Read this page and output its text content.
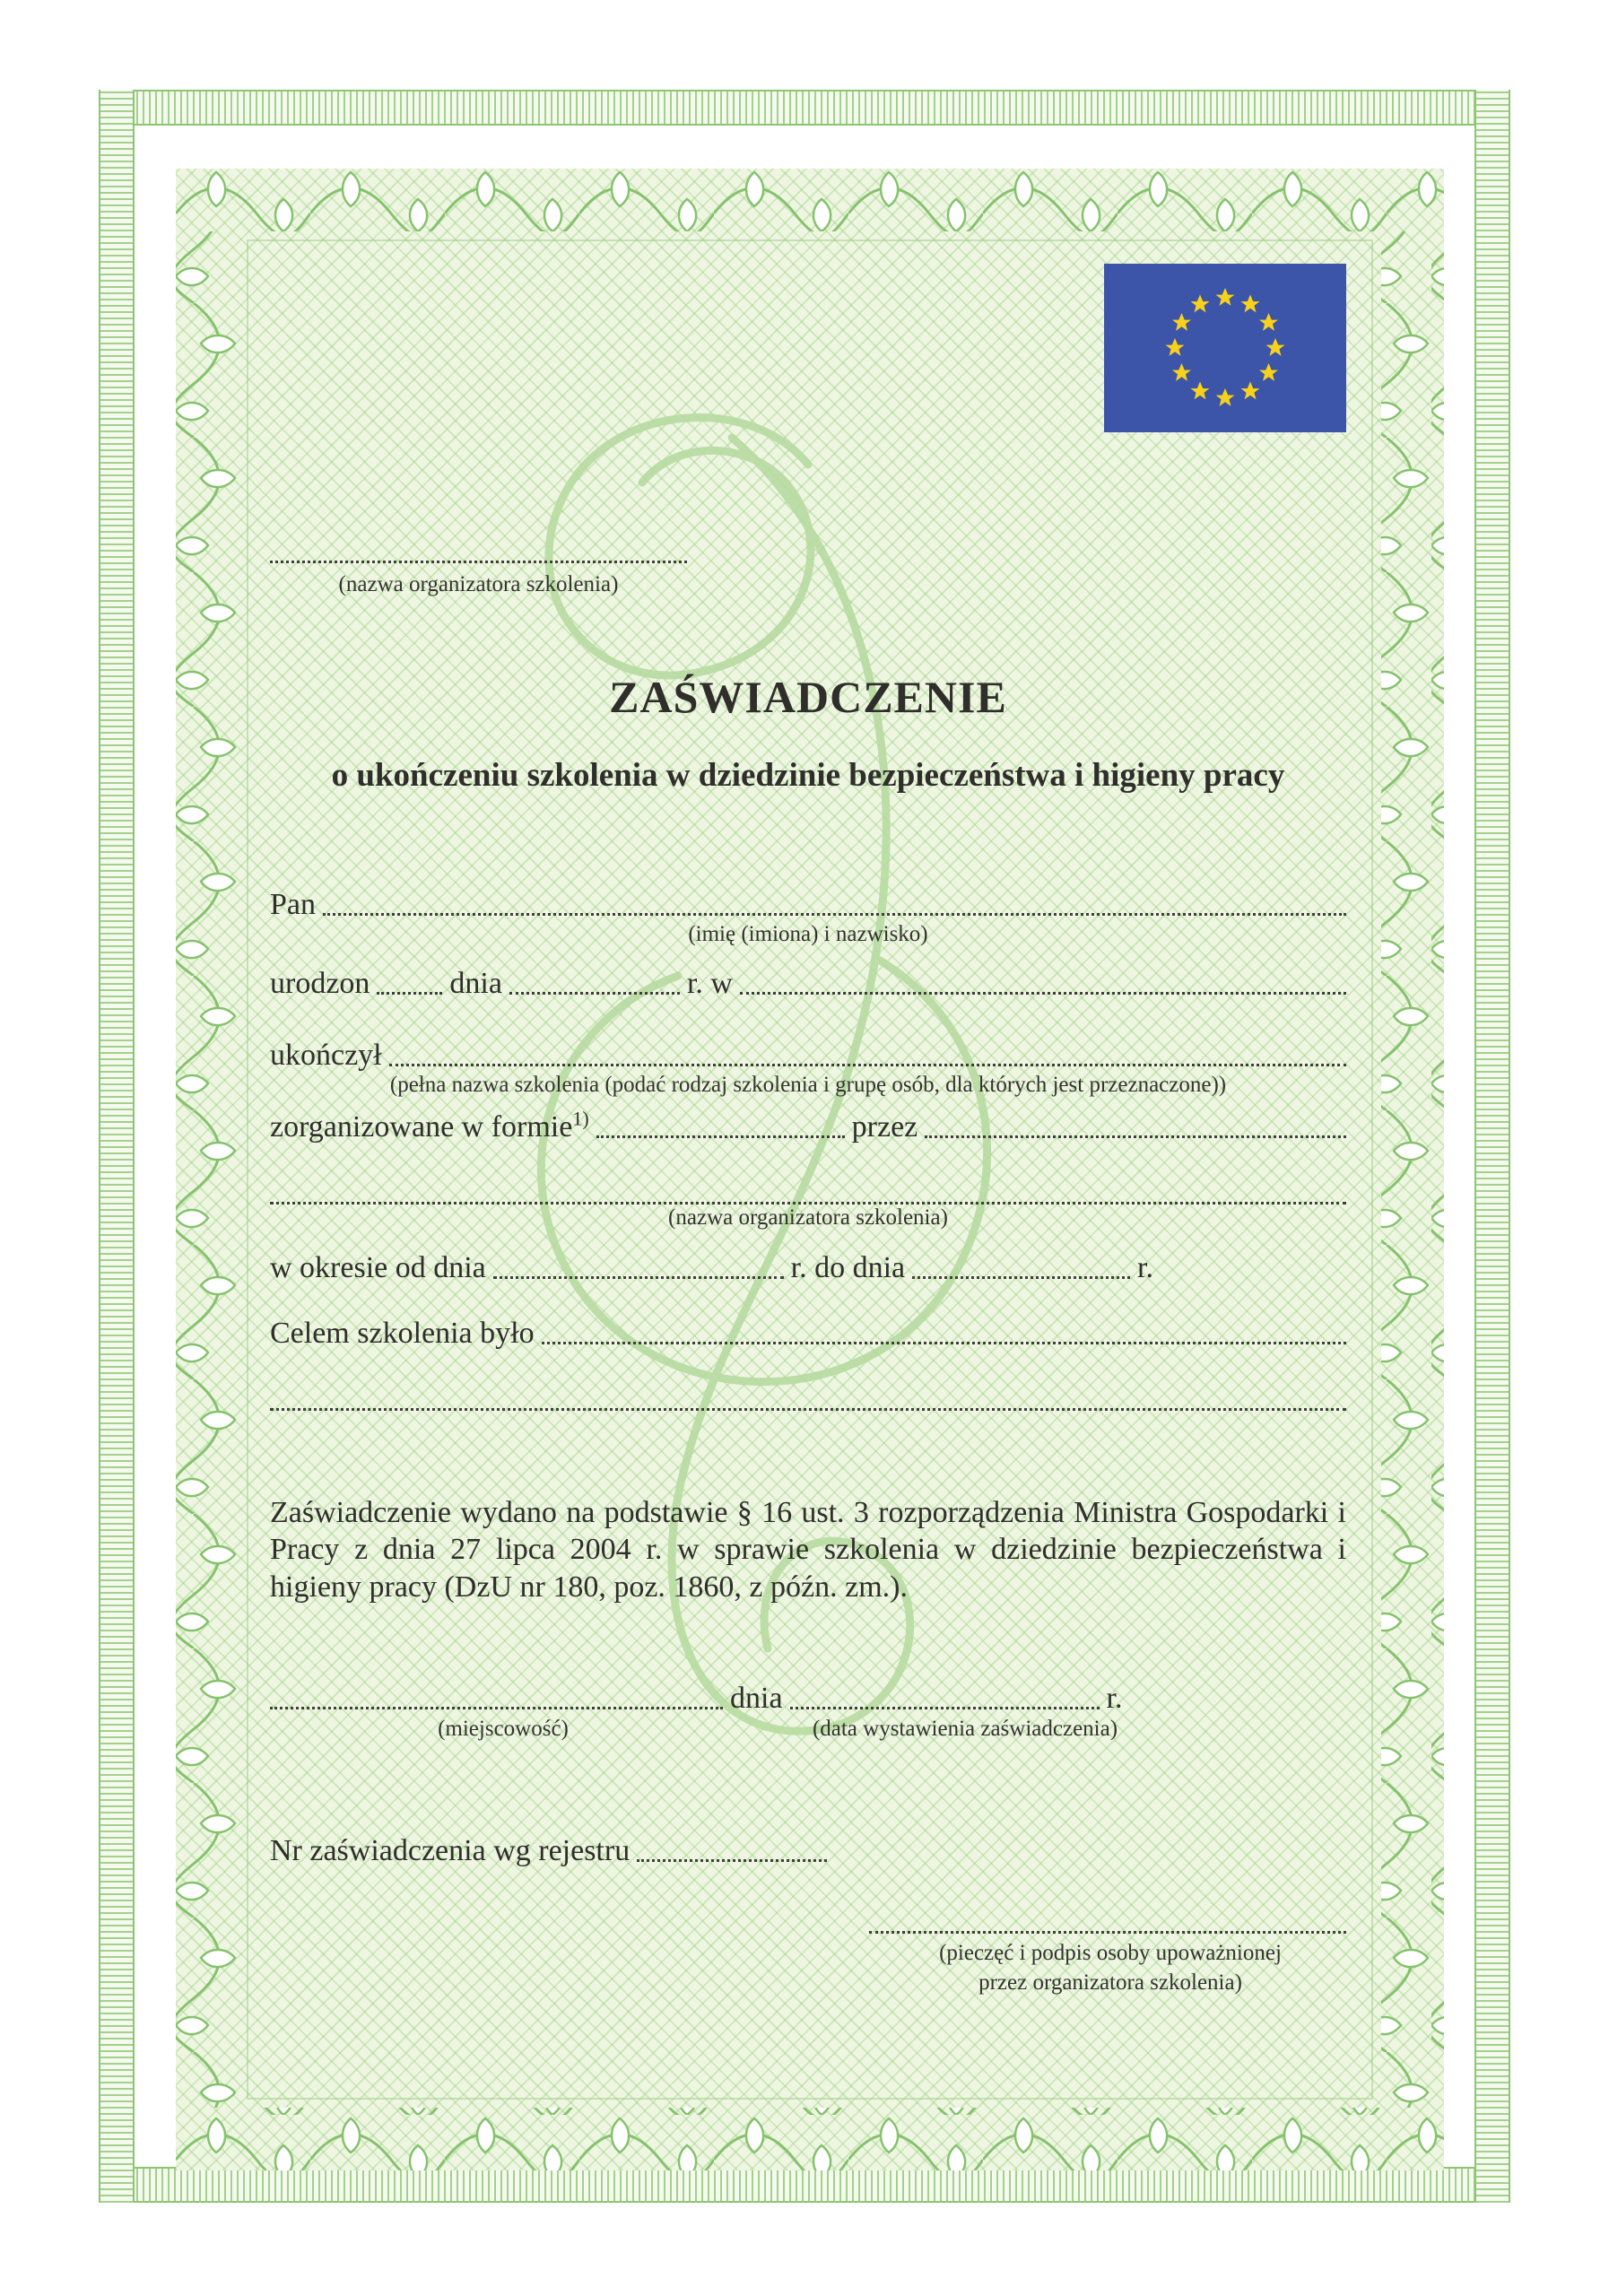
(nazwa organizatora szkolenia)
ZAŚWIADCZENIE
o ukończeniu szkolenia w dziedzinie bezpieczeństwa i higieny pracy
Pan
(imię (imiona) i nazwisko)
urodzon	dnia	r. w
ukończył
(pełna nazwa szkolenia (podać rodzaj szkolenia i grupę osób, dla których jest przeznaczone))
zorganizowane w formie$^{1)}$	przez
(nazwa organizatora szkolenia)
w okresie od dnia	r. do dnia	r.
Celem szkolenia było
Zaświadczenie wydano na podstawie § 16 ust. 3 rozporządzenia Ministra Gospodarki i Pracy z dnia 27 lipca 2004 r. w sprawie szkolenia w dziedzinie bezpieczeństwa i higieny pracy (DzU nr 180, poz. 1860, z późn. zm.).
dnia	r.
(miejscowość)	(data wystawienia zaświadczenia)
Nr zaświadczenia wg rejestru
(pieczęć i podpis osoby upoważnionej
przez organizatora szkolenia)
